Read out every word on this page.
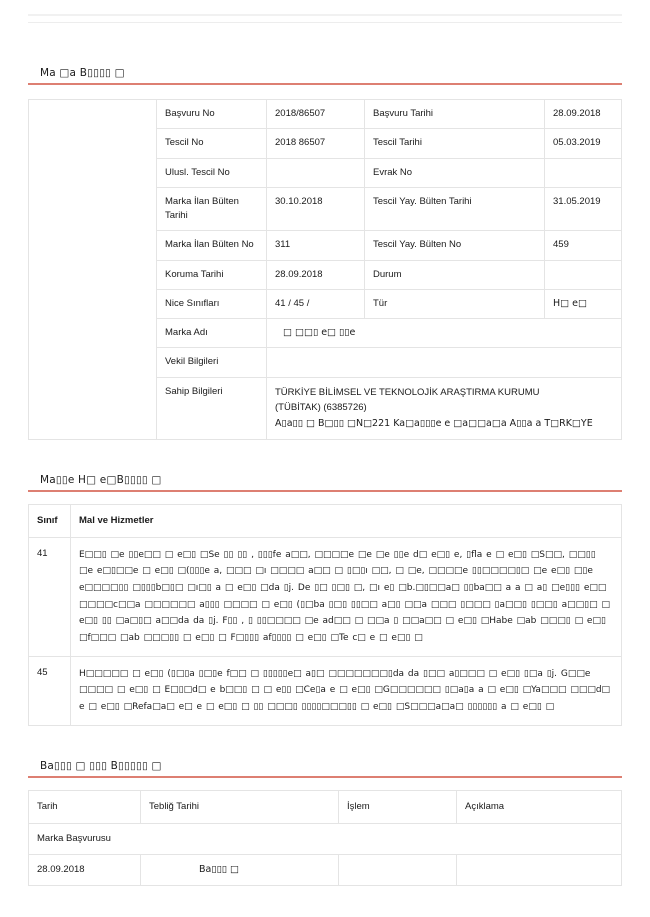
Ma □a B▯▯▯▯ □
	Başvuru No	2018/86507	Başvuru Tarihi	28.09.2018
	Tescil No	2018 86507	Tescil Tarihi	05.03.2019
	Ulusl. Tescil No		Evrak No	
	Marka İlan Bülten Tarihi	30.10.2018	Tescil Yay. Bülten Tarihi	31.05.2019
	Marka İlan Bülten No	311	Tescil Yay. Bülten No	459
	Koruma Tarihi	28.09.2018	Durum	
	Nice Sınıfları	41 / 45 /	Tür	H□ e□
	Marka Adı	□ □□▯ e□ ▯▯e		
	Vekil Bilgileri			
	Sahip Bilgileri	TÜRKİYE BİLİMSEL VE TEKNOLOJİK ARAŞTIRMA KURUMU
(TÜBİTAK) (6385726)
A▯a▯▯ □ B□▯▯ □N□221 Ka□a▯▯▯e e □a□□a□a A▯▯a a T□RK□YE		
Ma▯▯e H□ e□B▯▯▯▯ □
Sınıf	Mal ve Hizmetler
41	E□□▯ □e ▯▯e□□ □ e□▯ □Se ▯▯ ▯▯ , ▯▯▯fe a□□, □□□□e □e □e ▯▯e d□ e□▯ e, ▯fla e □ e□▯ □S□□, □□▯▯ □e e□▯□□e □ e□▯ □(▯▯▯e a, □□□ □ı □□□□ a□□ □ ▯□▯ı □□, □ □e, □□□□e ▯▯□□□□▯□ □e e□▯ □▯e e□□□□▯▯ □▯▯▯b□▯□ □ı□▯ a □ e□▯ □da ▯j. De ▯□ ▯□▯ □, □ı e▯ □b.□▯□□a□ ▯▯ba□□ a a □ a▯ □e▯▯▯ e□□ □□□□c□□a □□□□□□ a▯▯▯ □□□□ □ e□▯ (▯□ba ▯□▯ ▯▯□□ a□▯ □□a □□□ ▯□□□ ▯a□□▯ ▯□□▯ a□□▯□ □ e□▯ ▯▯ □a□▯□ a□□da da ▯j. F▯▯ , ▯ ▯▯□□□□ □e ad□□ □ □□a ▯ □□a□□ □ e□▯ □Habe □ab □□□▯ □ e□▯ □f□□□ □ab □□□▯▯ □ e□▯ □ F□▯▯▯ af▯▯▯▯ □ e□▯ □Te c□ e □ e□▯ □
45	H□□□□□ □ e□▯ (▯□▯a ▯□▯e f□□ □ ▯▯▯▯▯e□ a▯□ □□□□□□□▯da da ▯□□ a▯□□□ □ e□▯ ▯□a ▯j. G□□e □□□□ □ e□▯ □ E□▯□d□ e b□□▯ □ □ e▯▯ □Ce▯a e □ e□▯ □G□□□□□□ ▯□a▯a a □ e□▯ □Ya□□□ □□□d□ e □ e□▯ □Refa□a□ e□ e □ e□▯ □ ▯▯ □□□▯ ▯▯▯▯□□□▯▯ □ e□▯ □S□□□a□a□ ▯▯▯▯▯▯ a □ e□▯ □
Ba▯▯▯ □ ▯▯▯ B▯▯▯▯▯ □
Tarih	Tebliğ Tarihi	İşlem	Açıklama
Marka Başvurusu			
28.09.2018	Ba▯▯▯ □		
